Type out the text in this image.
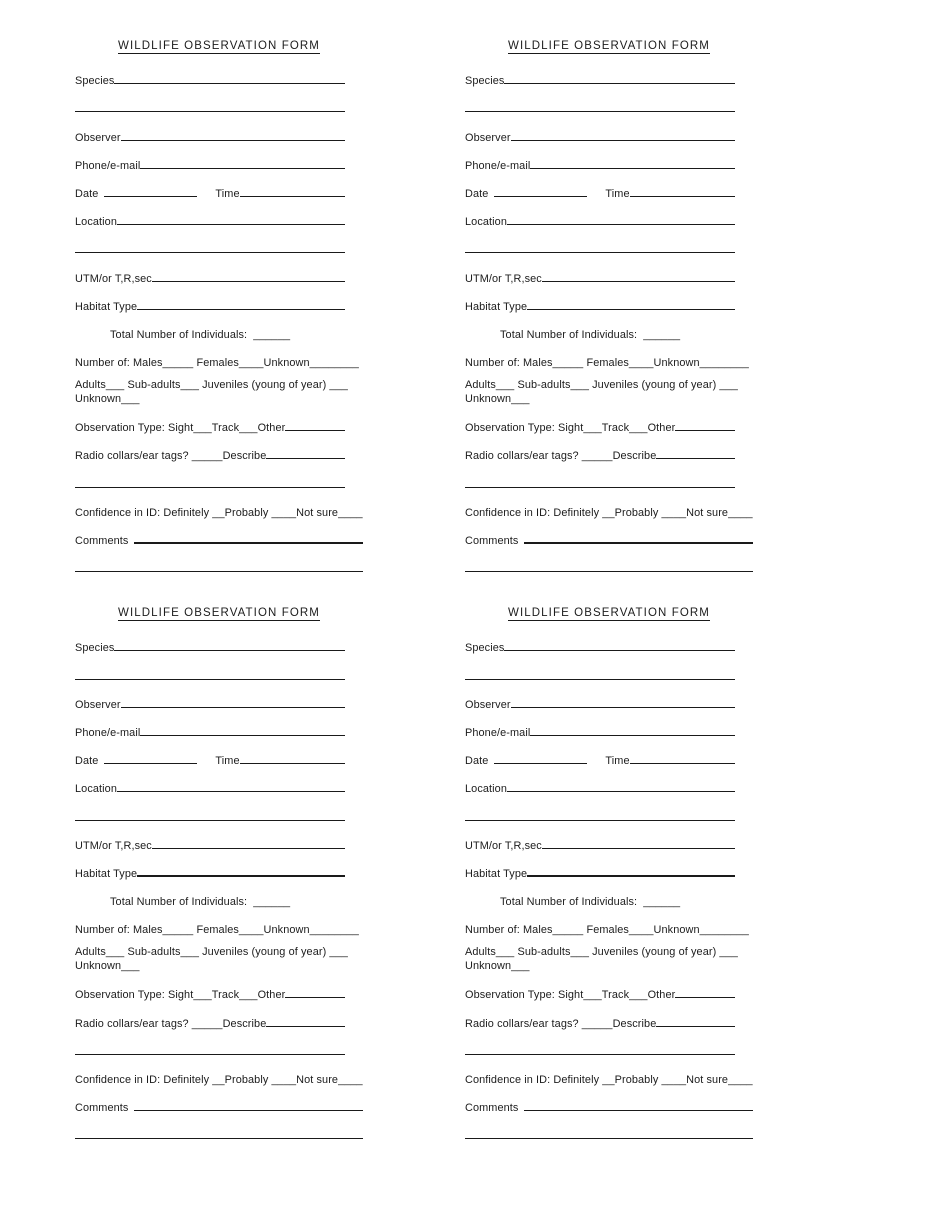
WILDLIFE OBSERVATION FORM
Species
Observer
Phone/e-mail
Date	Time
Location
UTM/or T,R,sec
Habitat Type
Total Number of Individuals: ______
Number of: Males_____ Females____Unknown________
Adults___ Sub-adults___ Juveniles (young of year) ___
Unknown___
Observation Type: Sight___Track___Other
Radio collars/ear tags? _____Describe
Confidence in ID: Definitely __Probably ____Not sure____
Comments
WILDLIFE OBSERVATION FORM
Species
Observer
Phone/e-mail
Date	Time
Location
UTM/or T,R,sec
Habitat Type
Total Number of Individuals: ______
Number of: Males_____ Females____Unknown________
Adults___ Sub-adults___ Juveniles (young of year) ___
Unknown___
Observation Type: Sight___Track___Other
Radio collars/ear tags? _____Describe
Confidence in ID: Definitely __Probably ____Not sure____
Comments
WILDLIFE OBSERVATION FORM
Species
Observer
Phone/e-mail
Date	Time
Location
UTM/or T,R,sec
Habitat Type
Total Number of Individuals: ______
Number of: Males_____ Females____Unknown________
Adults___ Sub-adults___ Juveniles (young of year) ___
Unknown___
Observation Type: Sight___Track___Other
Radio collars/ear tags? _____Describe
Confidence in ID: Definitely __Probably ____Not sure____
Comments
WILDLIFE OBSERVATION FORM
Species
Observer
Phone/e-mail
Date	Time
Location
UTM/or T,R,sec
Habitat Type
Total Number of Individuals: ______
Number of: Males_____ Females____Unknown________
Adults___ Sub-adults___ Juveniles (young of year) ___
Unknown___
Observation Type: Sight___Track___Other
Radio collars/ear tags? _____Describe
Confidence in ID: Definitely __Probably ____Not sure____
Comments
